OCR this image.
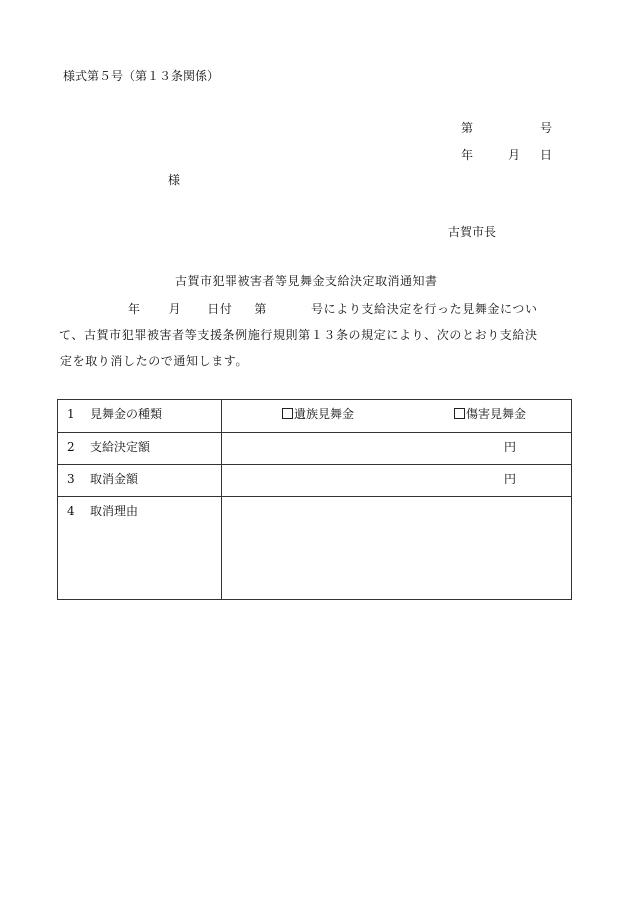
様式第５号（第１３条関係）
第	号
年	月 日
様
古賀市長
古賀市犯罪被害者等見舞金支給決定取消通知書
年 月 日付 第	号により支給決定を行った見舞金につい
て、古賀市犯罪被害者等支援条例施行規則第１３条の規定により、次のとおり支給決
定を取り消したので通知します。
1 見舞金の種類	遺族見舞金	傷害見舞金
2 支給決定額	円
3 取消金額	円
4 取消理由
